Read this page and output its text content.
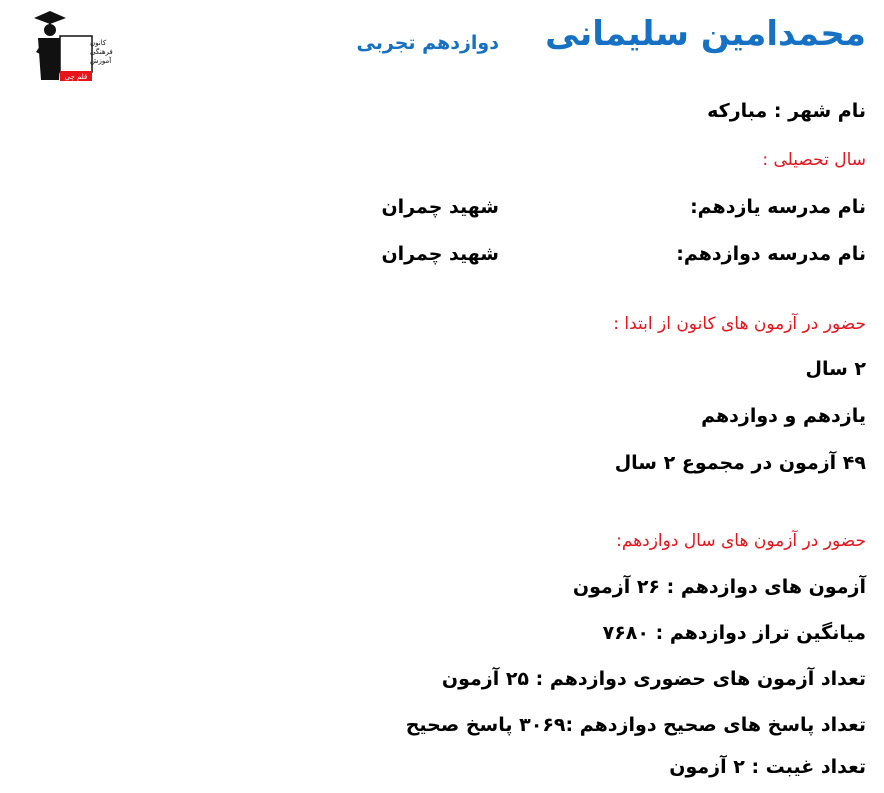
محمدامین سلیمانی
دوازدهم تجربی
کانون
فرهنگی
آموزش
قلم چی
نام شهر : مبارکه
سال تحصیلی :
نام مدرسه یازدهم:
شهید چمران
نام مدرسه دوازدهم:
شهید چمران
حضور در آزمون های کانون از ابتدا :
۲ سال
یازدهم و دوازدهم
۴۹ آزمون در مجموع ۲ سال
حضور در آزمون های سال دوازدهم:
آزمون های دوازدهم : ۲۶ آزمون
میانگین تراز دوازدهم : ۷۶۸۰
تعداد آزمون های حضوری دوازدهم : ۲۵ آزمون
تعداد پاسخ های صحیح دوازدهم :۳۰۶۹ پاسخ صحیح
تعداد غیبت : ۲ آزمون
